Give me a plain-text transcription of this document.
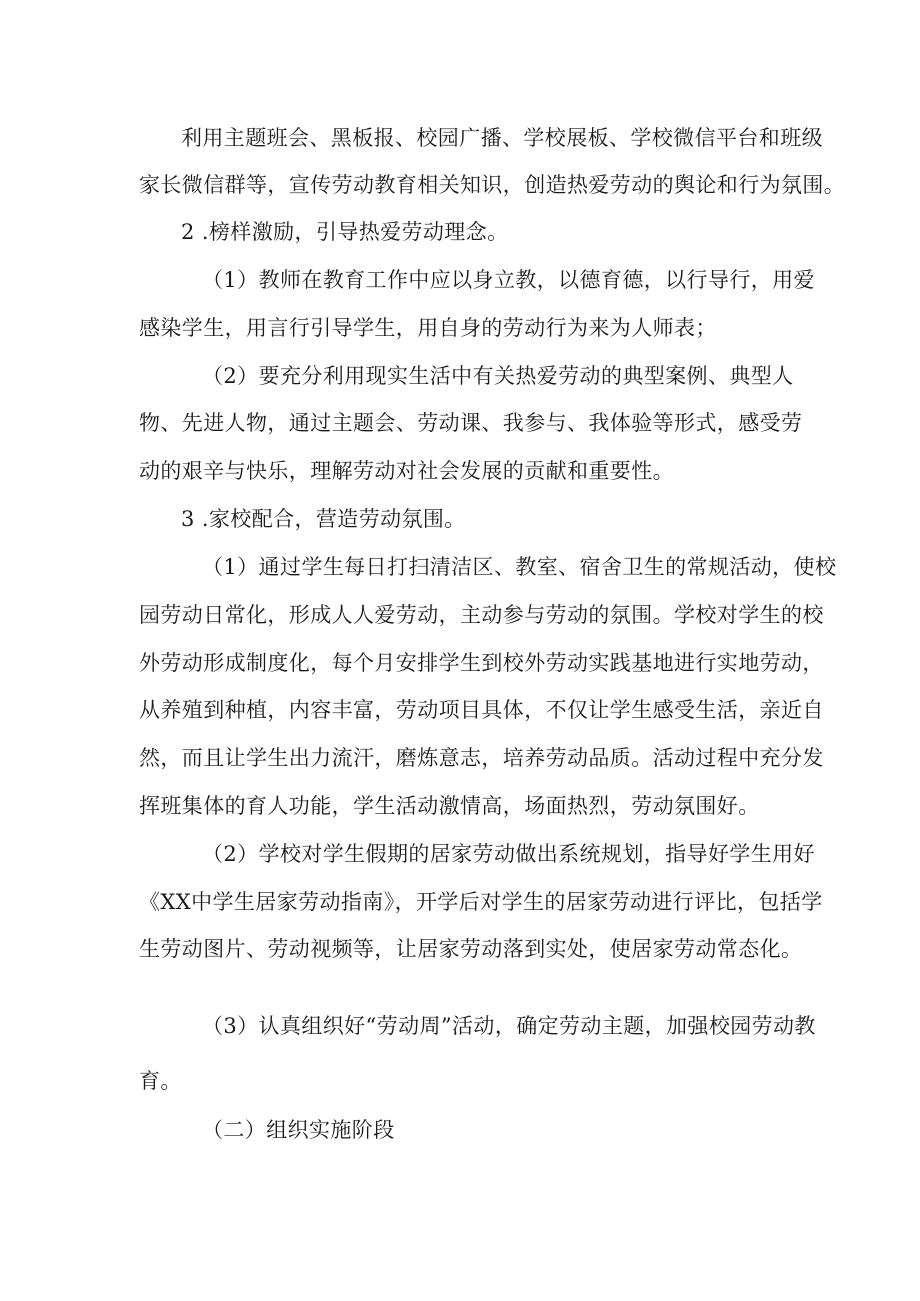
利用主题班会、黑板报、校园广播、学校展板、学校微信平台和班级
家长微信群等，宣传劳动教育相关知识，创造热爱劳动的舆论和行为氛围。
2 .榜样激励，引导热爱劳动理念。
（1）教师在教育工作中应以身立教，以德育德，以行导行，用爱
感染学生，用言行引导学生，用自身的劳动行为来为人师表；
（2）要充分利用现实生活中有关热爱劳动的典型案例、典型人
物、先进人物，通过主题会、劳动课、我参与、我体验等形式，感受劳
动的艰辛与快乐，理解劳动对社会发展的贡献和重要性。
3 .家校配合，营造劳动氛围。
（1）通过学生每日打扫清洁区、教室、宿舍卫生的常规活动，使校
园劳动日常化，形成人人爱劳动，主动参与劳动的氛围。学校对学生的校
外劳动形成制度化，每个月安排学生到校外劳动实践基地进行实地劳动，
从养殖到种植，内容丰富，劳动项目具体，不仅让学生感受生活，亲近自
然，而且让学生出力流汗，磨炼意志，培养劳动品质。活动过程中充分发
挥班集体的育人功能，学生活动激情高，场面热烈，劳动氛围好。
（2）学校对学生假期的居家劳动做出系统规划，指导好学生用好
《XX中学生居家劳动指南》，开学后对学生的居家劳动进行评比，包括学
生劳动图片、劳动视频等，让居家劳动落到实处，使居家劳动常态化。
（3）认真组织好“劳动周”活动，确定劳动主题，加强校园劳动教
育。
（二）组织实施阶段
